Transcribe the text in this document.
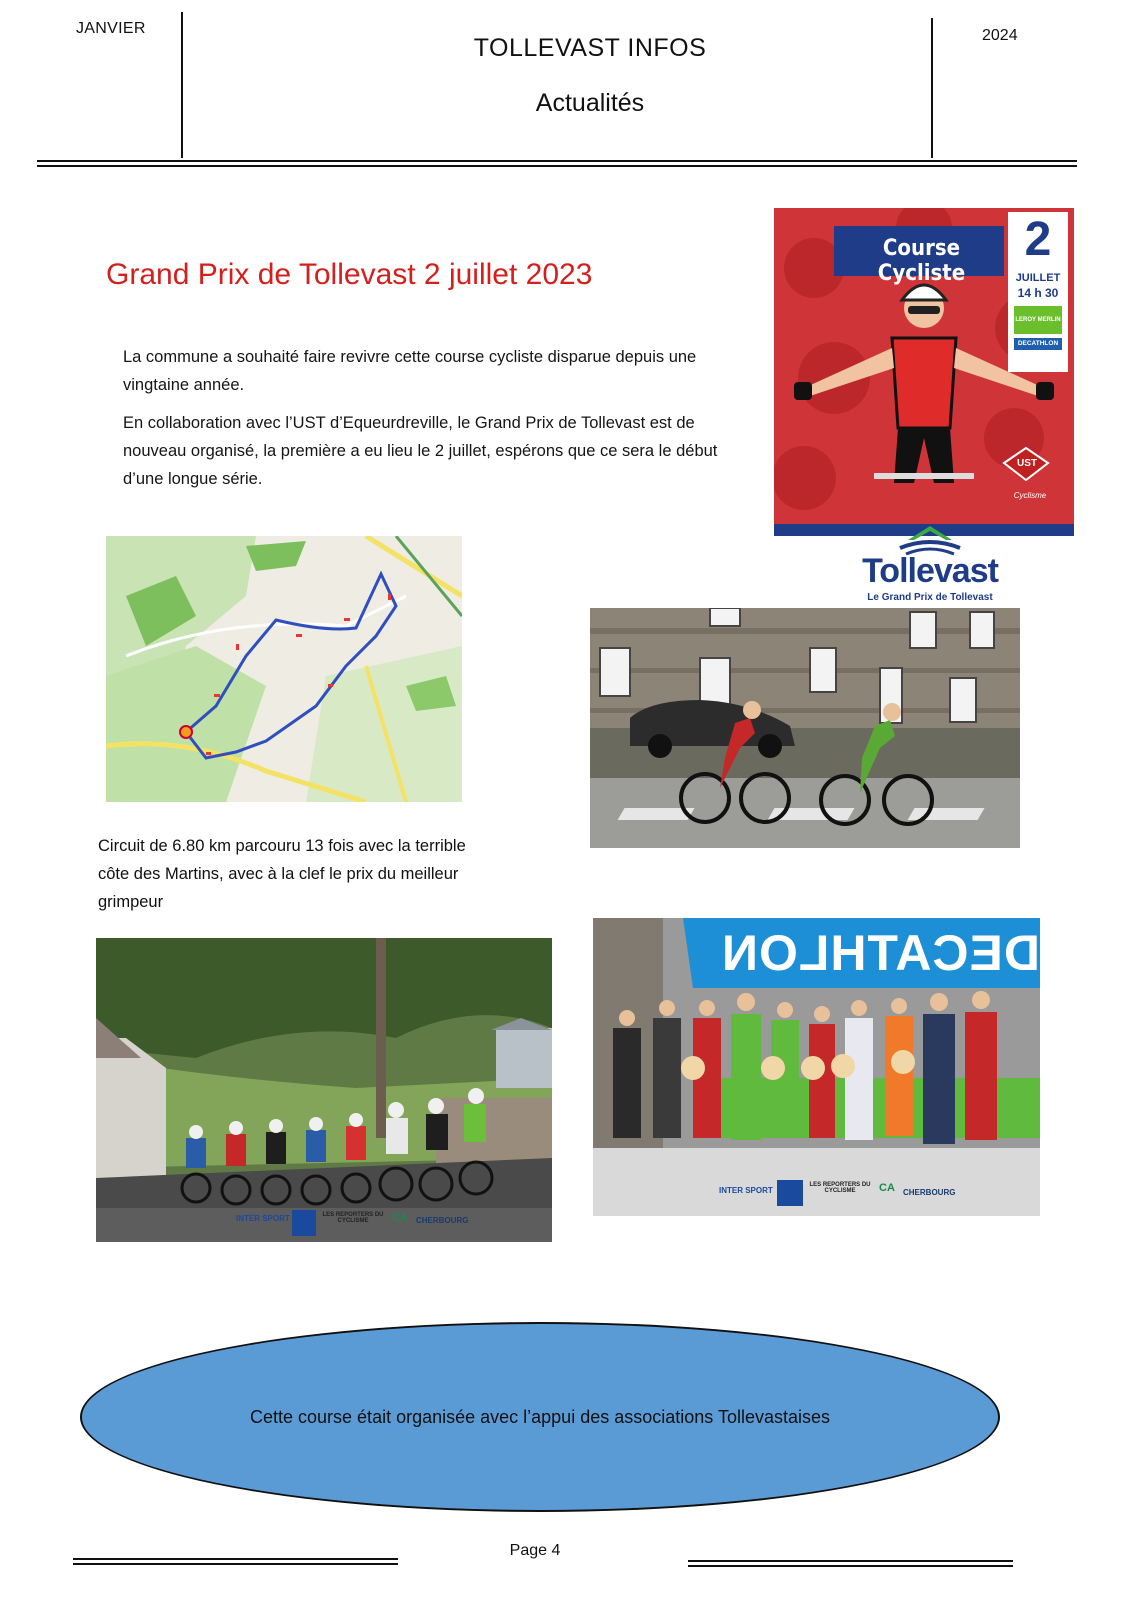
JANVIER
TOLLEVAST INFOS
Actualités
2024
Grand Prix de Tollevast 2 juillet 2023

La commune a souhaité faire revivre cette course cycliste disparue depuis une vingtaine année.

En collaboration avec l’UST d’Equeurdreville, le Grand Prix de Tollevast est de nouveau organisé, la première a eu lieu le 2 juillet, espérons que ce sera le début d’une longue série.

Course Cycliste
2
JUILLET
14 h 30
LEROY MERLIN
DECATHLON
UST
Cyclisme
Tollevast
Le Grand Prix de Tollevast
Circuit de 6.80 km parcouru 13 fois avec la terrible côte des Martins, avec à la clef le prix du meilleur grimpeur
INTER SPORT	LES REPORTERS DU CYCLISME	CA	CHERBOURG
DECATHLON
INTER SPORT
LES REPORTERS DU CYCLISME	CA	CHERBOURG
Cette course était organisée avec l’appui des associations Tollevastaises
Page 4
